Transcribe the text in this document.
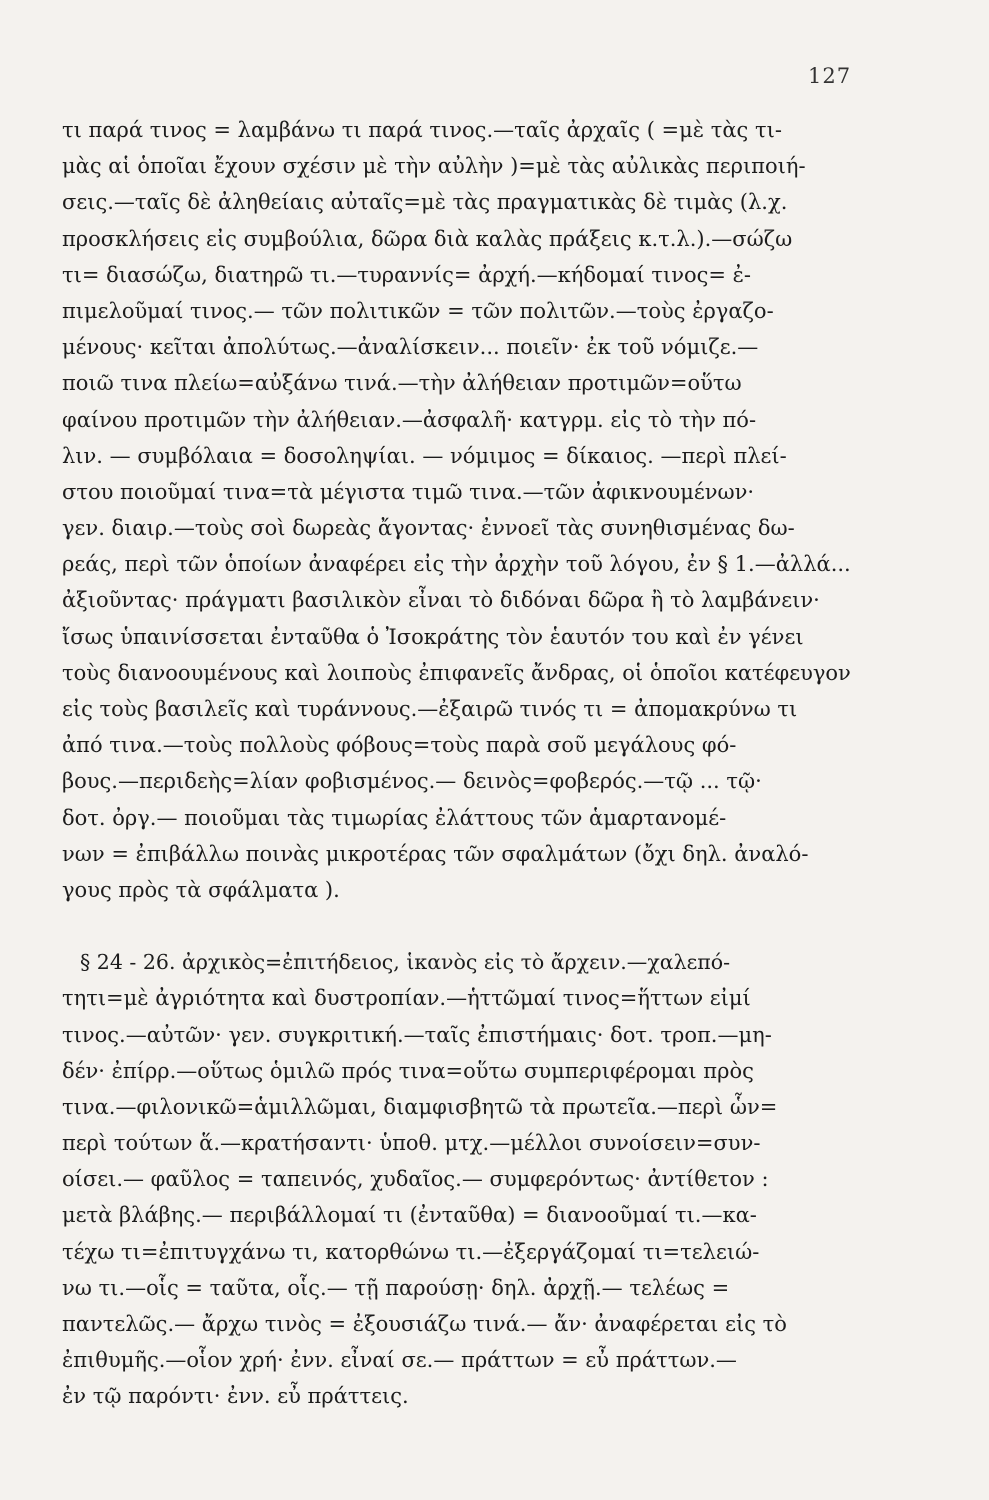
127
τι παρά τινος = λαμβάνω τι παρά τινος.—ταῖς ἀρχαῖς ( =μὲ τὰς τι-
μὰς αἱ ὁποῖαι ἔχουν σχέσιν μὲ τὴν αὐλὴν )=μὲ τὰς αὐλικὰς περιποιή-
σεις.—ταῖς δὲ ἀληθείαις αὐταῖς=μὲ τὰς πραγματικὰς δὲ τιμὰς (λ.χ.
προσκλήσεις εἰς συμβούλια, δῶρα διὰ καλὰς πράξεις κ.τ.λ.).—σώζω
τι= διασώζω, διατηρῶ τι.—τυραννίς= ἀρχή.—κήδομαί τινος= ἐ-
πιμελοῦμαί τινος.— τῶν πολιτικῶν = τῶν πολιτῶν.—τοὺς ἐργαζο-
μένους· κεῖται ἀπολύτως.—ἀναλίσκειν... ποιεῖν· ἐκ τοῦ νόμιζε.—
ποιῶ τινα πλείω=αὐξάνω τινά.—τὴν ἀλήθειαν προτιμῶν=οὕτω
φαίνου προτιμῶν τὴν ἀλήθειαν.—ἀσφαλῆ· κατγρμ. εἰς τὸ τὴν πό-
λιν. — συμβόλαια = δοσοληψίαι. — νόμιμος = δίκαιος. —περὶ πλεί-
στου ποιοῦμαί τινα=τὰ μέγιστα τιμῶ τινα.—τῶν ἀφικνουμένων·
γεν. διαιρ.—τοὺς σοὶ δωρεὰς ἄγοντας· ἐννοεῖ τὰς συνηθισμένας δω-
ρεάς, περὶ τῶν ὁποίων ἀναφέρει εἰς τὴν ἀρχὴν τοῦ λόγου, ἐν § 1.—ἀλλά...
ἀξιοῦντας· πράγματι βασιλικὸν εἶναι τὸ διδόναι δῶρα ἢ τὸ λαμβάνειν·
ἴσως ὑπαινίσσεται ἐνταῦθα ὁ Ἰσοκράτης τὸν ἑαυτόν του καὶ ἐν γένει
τοὺς διανοουμένους καὶ λοιποὺς ἐπιφανεῖς ἄνδρας, οἱ ὁποῖοι κατέφευγον
εἰς τοὺς βασιλεῖς καὶ τυράννους.—ἐξαιρῶ τινός τι = ἀπομακρύνω τι
ἀπό τινα.—τοὺς πολλοὺς φόβους=τοὺς παρὰ σοῦ μεγάλους φό-
βους.—περιδεὴς=λίαν φοβισμένος.— δεινὸς=φοβερός.—τῷ ... τῷ·
δοτ. ὀργ.— ποιοῦμαι τὰς τιμωρίας ἐλάττους τῶν ἁμαρτανομέ-
νων = ἐπιβάλλω ποινὰς μικροτέρας τῶν σφαλμάτων (ὄχι δηλ. ἀναλό-
γους πρὸς τὰ σφάλματα ).
§ 24 - 26. ἀρχικὸς=ἐπιτήδειος, ἱκανὸς εἰς τὸ ἄρχειν.—χαλεπό-
τητι=μὲ ἀγριότητα καὶ δυστροπίαν.—ἡττῶμαί τινος=ἥττων εἰμί
τινος.—αὐτῶν· γεν. συγκριτική.—ταῖς ἐπιστήμαις· δοτ. τροπ.—μη-
δέν· ἐπίρρ.—οὕτως ὁμιλῶ πρός τινα=οὕτω συμπεριφέρομαι πρὸς
τινα.—φιλονικῶ=ἁμιλλῶμαι, διαμφισβητῶ τὰ πρωτεῖα.—περὶ ὧν=
περὶ τούτων ἅ.—κρατήσαντι· ὑποθ. μτχ.—μέλλοι συνοίσειν=συν-
οίσει.— φαῦλος = ταπεινός, χυδαῖος.— συμφερόντως· ἀντίθετον :
μετὰ βλάβης.— περιβάλλομαί τι (ἐνταῦθα) = διανοοῦμαί τι.—κα-
τέχω τι=ἐπιτυγχάνω τι, κατορθώνω τι.—ἐξεργάζομαί τι=τελειώ-
νω τι.—οἷς = ταῦτα, οἷς.— τῇ παρούσῃ· δηλ. ἀρχῇ.— τελέως =
παντελῶς.— ἄρχω τινὸς = ἐξουσιάζω τινά.— ἄν· ἀναφέρεται εἰς τὸ
ἐπιθυμῆς.—οἷον χρή· ἐνν. εἶναί σε.— πράττων = εὖ πράττων.—
ἐν τῷ παρόντι· ἐνν. εὖ πράττεις.
